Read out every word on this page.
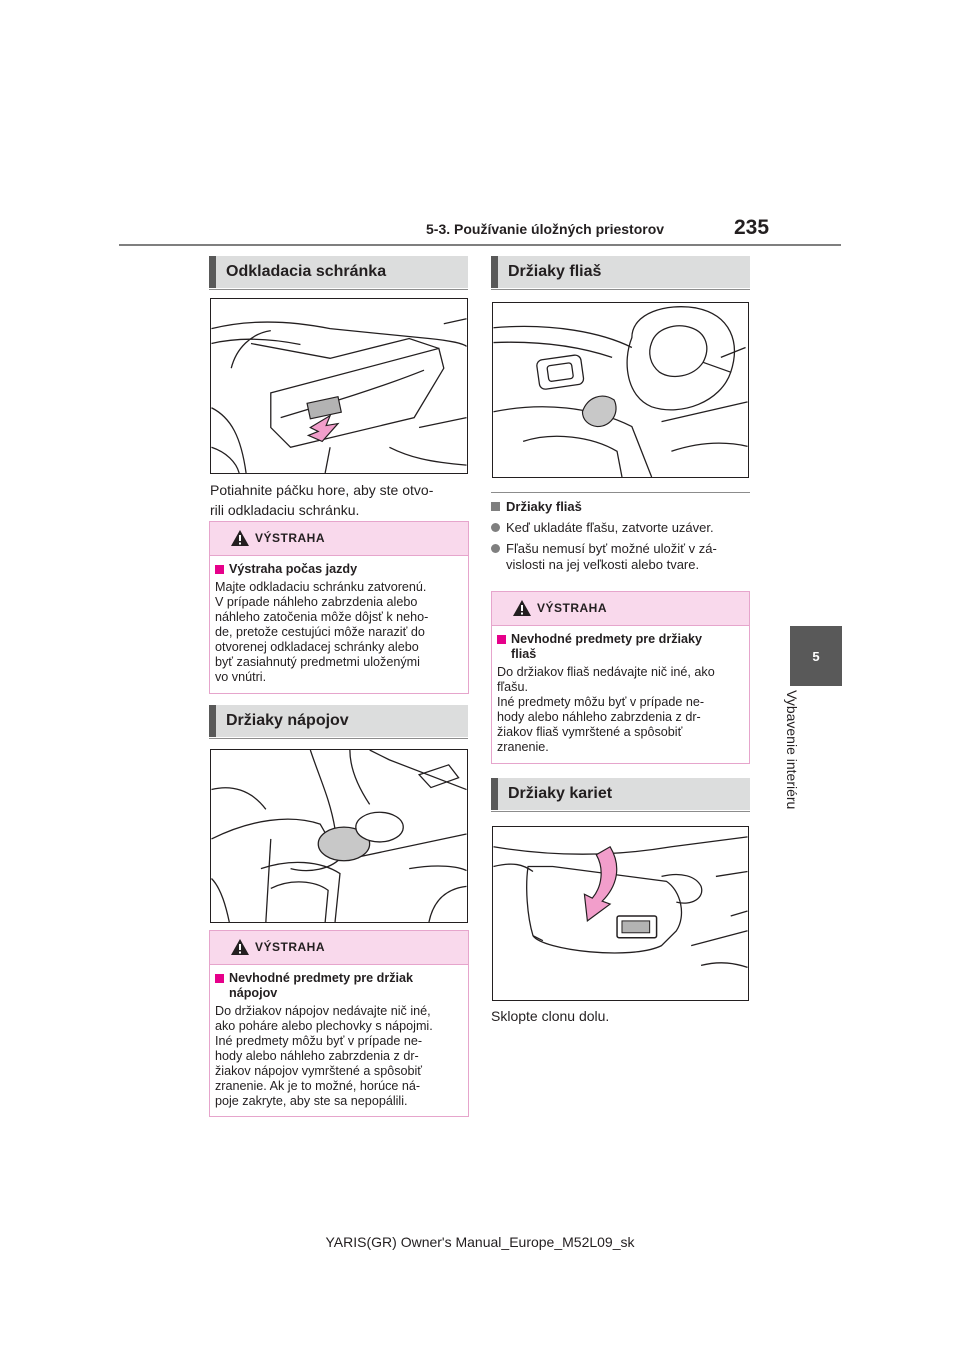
5-3. Používanie úložných priestorov	235
5
Vybavenie interiéru
Odkladacia schránka
Potiahnite páčku hore, aby ste otvo-
rili odkladaciu schránku.
VÝSTRAHA
Výstraha počas jazdy
Majte odkladaciu schránku zatvorenú.
V prípade náhleho zabrzdenia alebo
náhleho zatočenia môže dôjsť k neho-
de, pretože cestujúci môže naraziť do
otvorenej odkladacej schránky alebo
byť zasiahnutý predmetmi uloženými
vo vnútri.
Držiaky nápojov
VÝSTRAHA
Nevhodné predmety pre držiak
nápojov
Do držiakov nápojov nedávajte nič iné,
ako poháre alebo plechovky s nápojmi.
Iné predmety môžu byť v prípade ne-
hody alebo náhleho zabrzdenia z dr-
žiakov nápojov vymrštené a spôsobiť
zranenie. Ak je to možné, horúce ná-
poje zakryte, aby ste sa nepopálili.
Držiaky fliaš
Držiaky fliaš
Keď ukladáte fľašu, zatvorte uzáver.
Fľašu nemusí byť možné uložiť v zá-
vislosti na jej veľkosti alebo tvare.
VÝSTRAHA
Nevhodné predmety pre držiaky
fliaš
Do držiakov fliaš nedávajte nič iné, ako
fľašu.
Iné predmety môžu byť v prípade ne-
hody alebo náhleho zabrzdenia z dr-
žiakov fliaš vymrštené a spôsobiť
zranenie.
Držiaky kariet
Sklopte clonu dolu.
YARIS(GR) Owner's Manual_Europe_M52L09_sk
